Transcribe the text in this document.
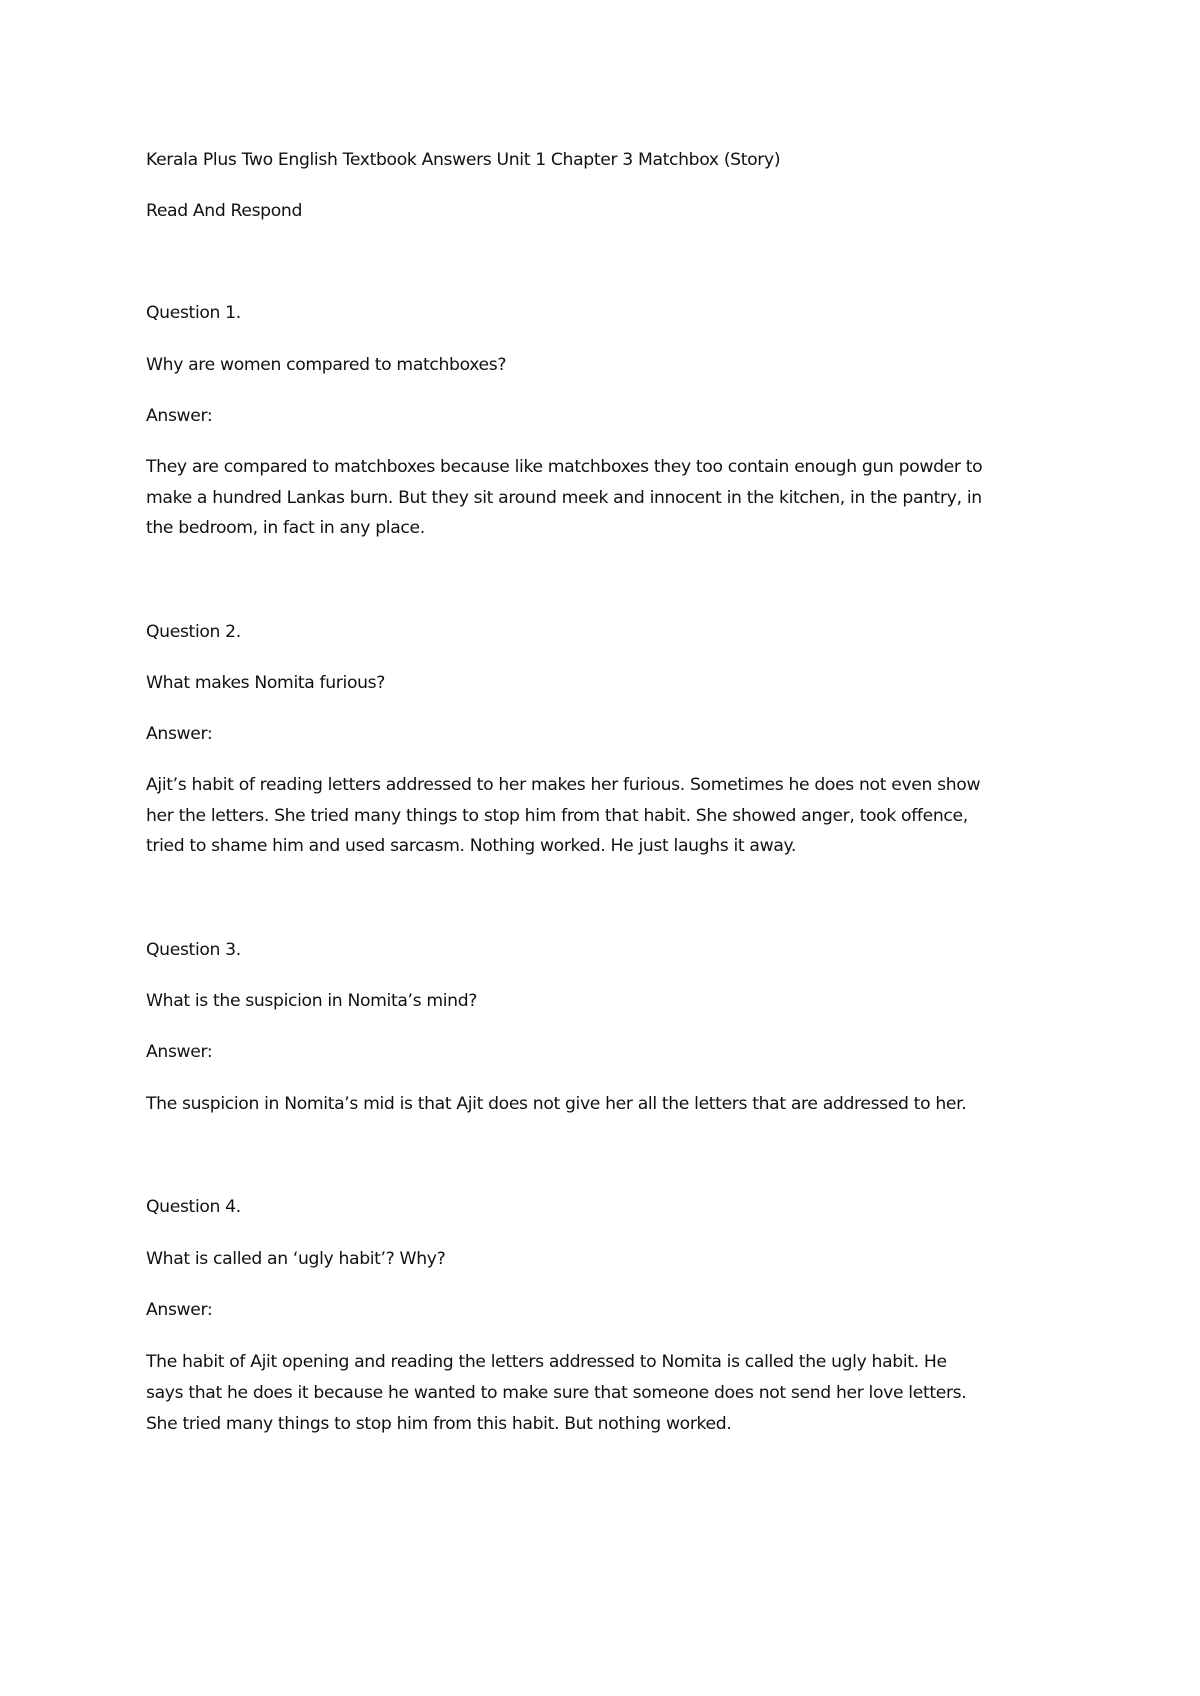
Kerala Plus Two English Textbook Answers Unit 1 Chapter 3 Matchbox (Story)
Read And Respond
Question 1.
Why are women compared to matchboxes?
Answer:
They are compared to matchboxes because like matchboxes they too contain enough gun powder to
make a hundred Lankas burn. But they sit around meek and innocent in the kitchen, in the pantry, in
the bedroom, in fact in any place.
Question 2.
What makes Nomita furious?
Answer:
Ajit’s habit of reading letters addressed to her makes her furious. Sometimes he does not even show
her the letters. She tried many things to stop him from that habit. She showed anger, took offence,
tried to shame him and used sarcasm. Nothing worked. He just laughs it away.
Question 3.
What is the suspicion in Nomita’s mind?
Answer:
The suspicion in Nomita’s mid is that Ajit does not give her all the letters that are addressed to her.
Question 4.
What is called an ‘ugly habit’? Why?
Answer:
The habit of Ajit opening and reading the letters addressed to Nomita is called the ugly habit. He
says that he does it because he wanted to make sure that someone does not send her love letters.
She tried many things to stop him from this habit. But nothing worked.
